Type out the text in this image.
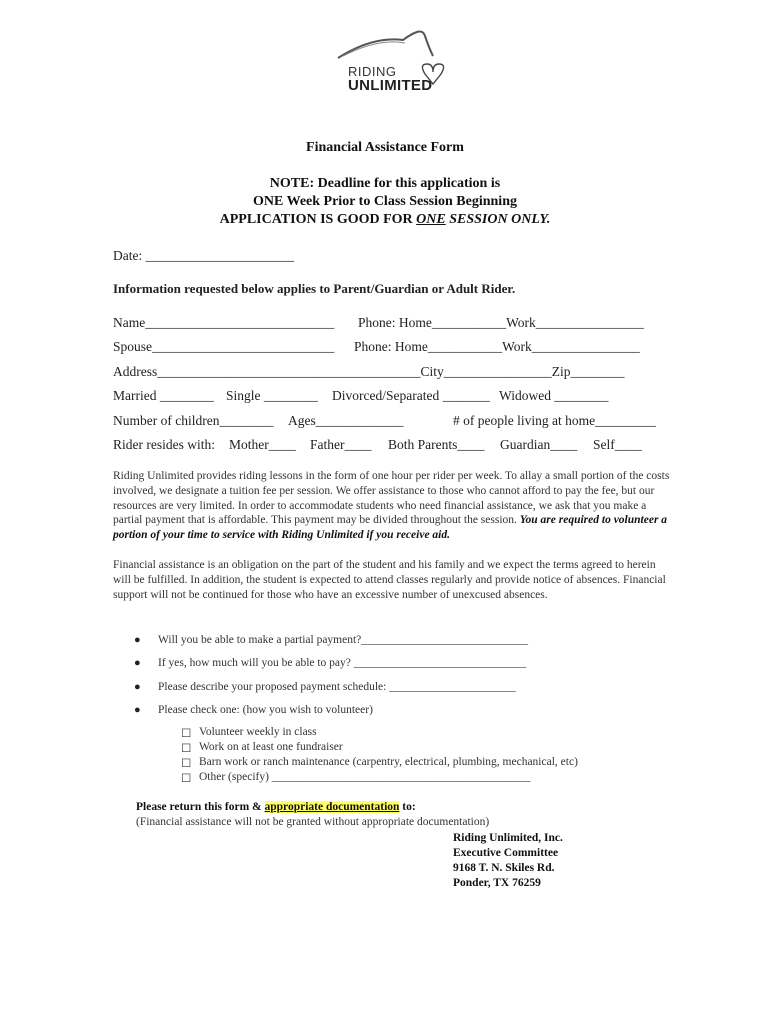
RIDING
UNLIMITED
Financial Assistance Form
NOTE: Deadline for this application is
ONE Week Prior to Class Session Beginning
APPLICATION IS GOOD FOR ONE SESSION ONLY.
Date: ______________________
Information requested below applies to Parent/Guardian or Adult Rider.
Name____________________________ Phone: Home___________Work________________
Spouse___________________________ Phone: Home___________Work________________
Address_______________________________________City________________Zip________
Married ________ Single ________ Divorced/Separated _______ Widowed ________
Number of children________ Ages_____________	# of people living at home_________
Rider resides with: Mother____ Father____ Both Parents____ Guardian____ Self____
Riding Unlimited provides riding lessons in the form of one hour per rider per week. To allay a small portion of the costs involved, we designate a tuition fee per session. We offer assistance to those who cannot afford to pay the fee, but our resources are very limited. In order to accommodate students who need financial assistance, we ask that you make a partial payment that is affordable. This payment may be divided throughout the session. You are required to volunteer a portion of your time to service with Riding Unlimited if you receive aid.
Financial assistance is an obligation on the part of the student and his family and we expect the terms agreed to herein will be fulfilled. In addition, the student is expected to attend classes regularly and provide notice of absences. Financial support will not be continued for those who have an excessive number of unexcused absences.
● Will you be able to make a partial payment?_____________________________
● If yes, how much will you be able to pay? ______________________________
● Please describe your proposed payment schedule: ______________________
● Please check one: (how you wish to volunteer)
☐ Volunteer weekly in class
☐ Work on at least one fundraiser
☐ Barn work or ranch maintenance (carpentry, electrical, plumbing, mechanical, etc)
☐ Other (specify) _____________________________________________
Please return this form & appropriate documentation to:
(Financial assistance will not be granted without appropriate documentation)
Riding Unlimited, Inc.
Executive Committee
9168 T. N. Skiles Rd.
Ponder, TX 76259
